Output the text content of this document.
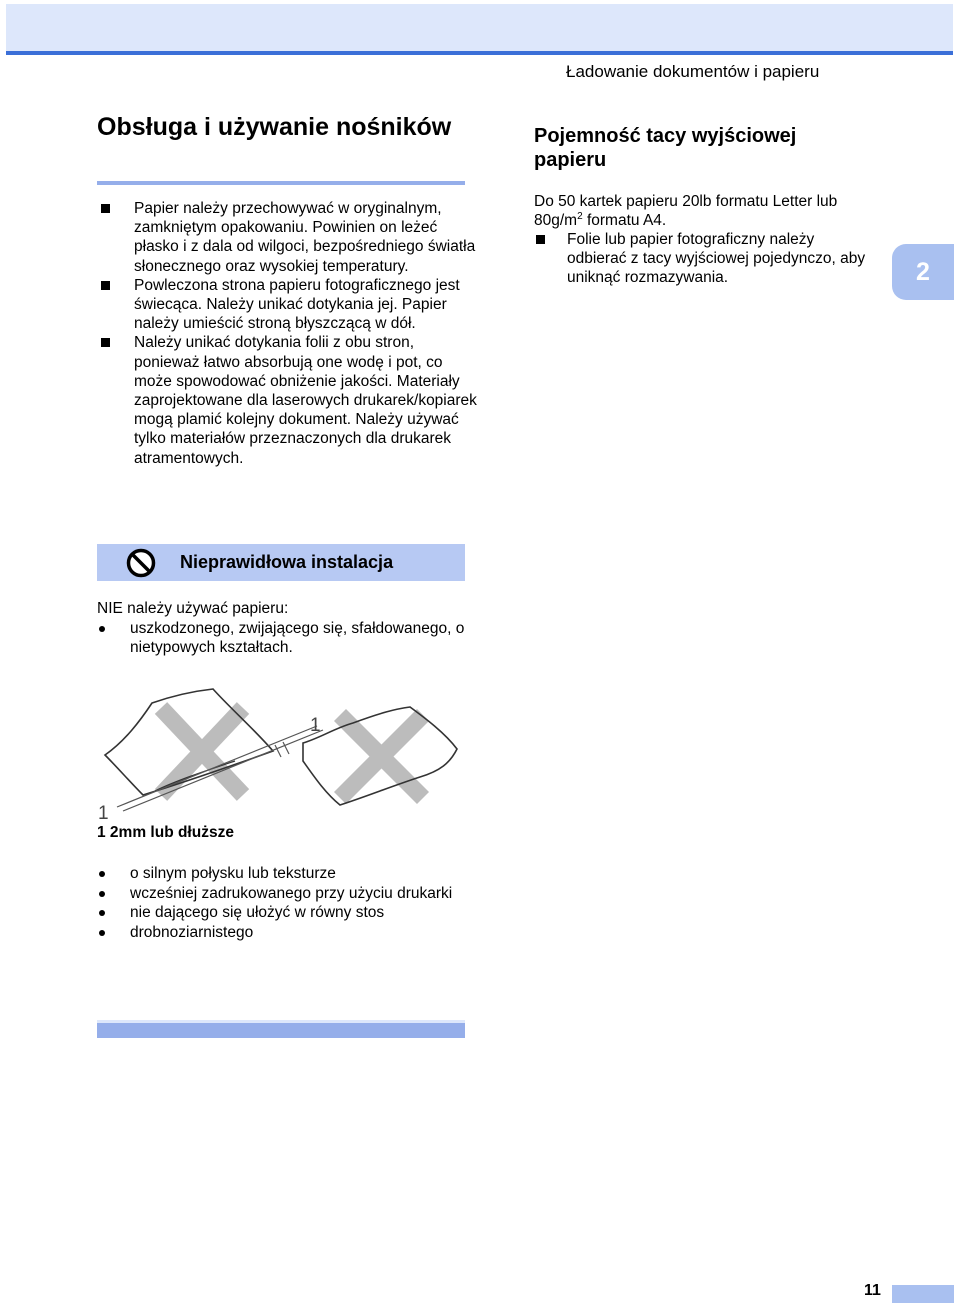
Ładowanie dokumentów i papieru
Obsługa i używanie nośników
Papier należy przechowywać w oryginalnym, zamkniętym opakowaniu. Powinien on leżeć płasko i z dala od wilgoci, bezpośredniego światła słonecznego oraz wysokiej temperatury.
Powleczona strona papieru fotograficznego jest świecąca. Należy unikać dotykania jej. Papier należy umieścić stroną błyszczącą w dół.
Należy unikać dotykania folii z obu stron, ponieważ łatwo absorbują one wodę i pot, co może spowodować obniżenie jakości. Materiały zaprojektowane dla laserowych drukarek/kopiarek mogą plamić kolejny dokument. Należy używać tylko materiałów przeznaczonych dla drukarek atramentowych.
Pojemność tacy wyjściowej papieru

Do 50 kartek papieru 20lb formatu Letter lub $80g/m^2$ formatu A4.

Folie lub papier fotograficzny należy odbierać z tacy wyjściowej pojedynczo, aby uniknąć rozmazywania.	2
Nieprawidłowa instalacja

NIE należy używać papieru:

uszkodzonego, zwijającego się, sfałdowanego, o nietypowych kształtach.
1
1
1 2mm lub dłuższe
o silnym połysku lub teksturze
wcześniej zadrukowanego przy użyciu drukarki
nie dającego się ułożyć w równy stos
drobnoziarnistego
11
